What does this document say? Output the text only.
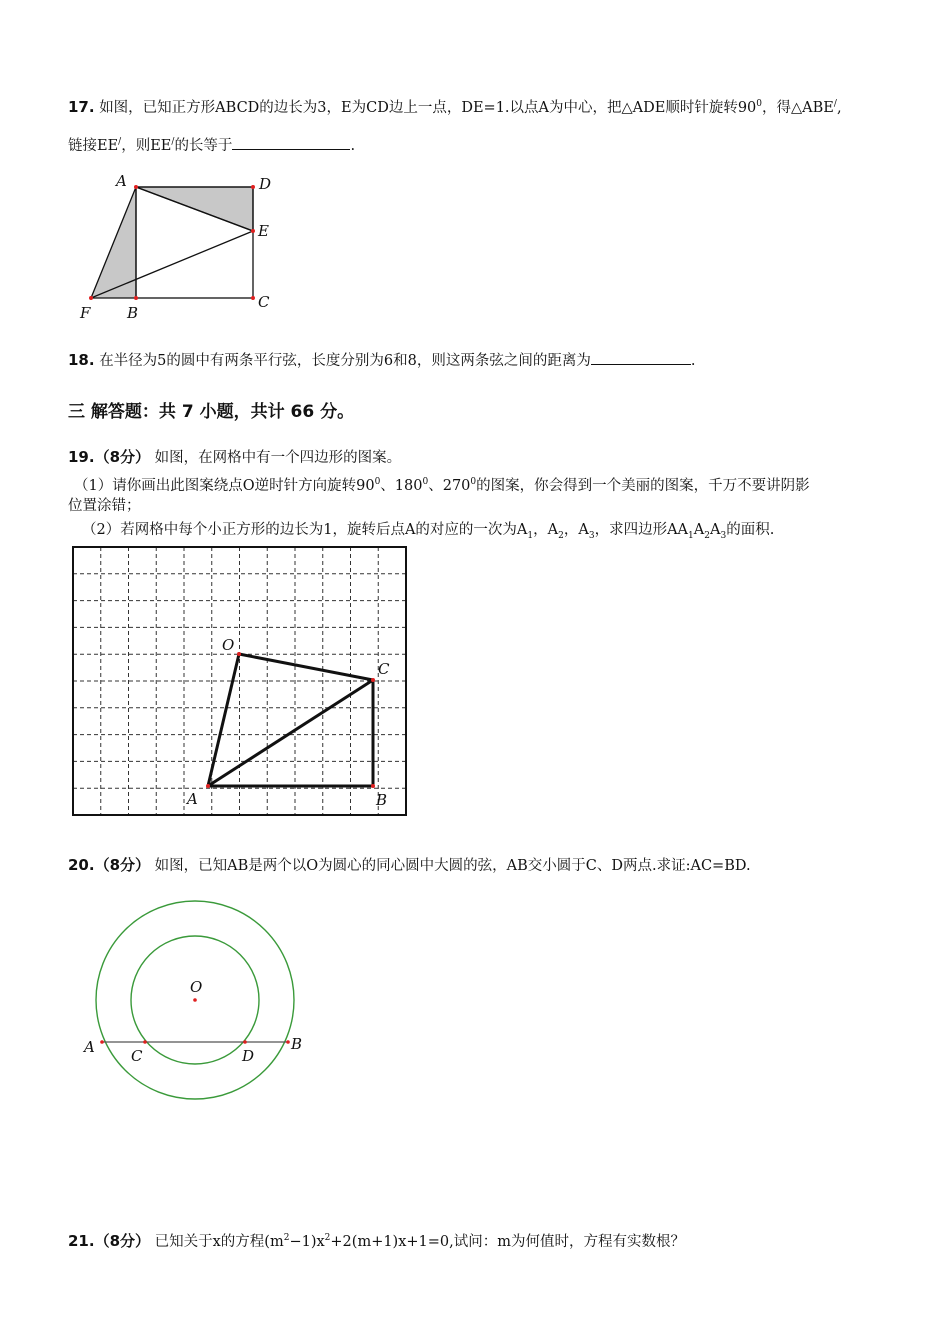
17. 如图，已知正方形ABCD的边长为3，E为CD边上一点，DE=1.以点A为中心，把△ADE顺时针旋转$90^0$，得△ABE/,
链接EE/，则EE/的长等于	.
A	D
E
F B
C
O
C
A	B
O
A C	D
B
18. 在半径为5的圆中有两条平行弦，长度分别为6和8，则这两条弦之间的距离为	.
三 解答题：共 7 小题，共计 66 分。
19.（8分） 如图，在网格中有一个四边形的图案。
（1）请你画出此图案绕点O逆时针方向旋转$90^0$、$180^0$、$270^0$的图案，你会得到一个美丽的图案，千万不要讲阴影
位置涂错；
（2）若网格中每个小正方形的边长为1，旋转后点A的对应的一次为$A_1$，$A_2$，$A_3$，求四边形$AA_1A_2A_3$的面积.
20.（8分） 如图，已知AB是两个以O为圆心的同心圆中大圆的弦，AB交小圆于C、D两点.求证:AC=BD.
21.（8分） 已知关于x的方程$(m^2-1)x^2+2(m+1)x+1=0$,试问：m为何值时，方程有实数根？
